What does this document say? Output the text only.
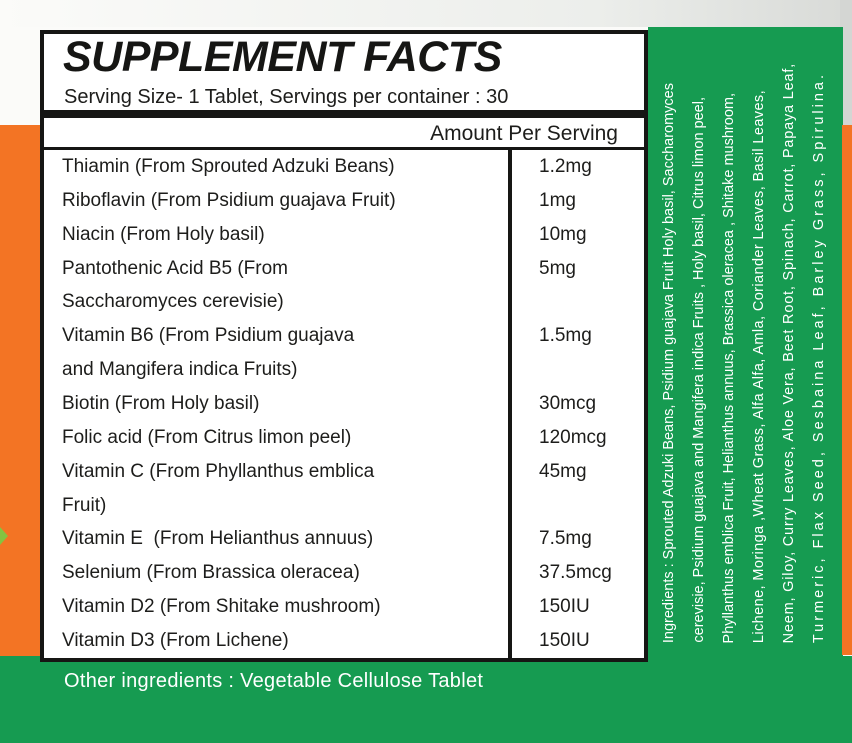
SUPPLEMENT FACTS
Serving Size- 1 Tablet, Servings per container : 30
Amount Per Serving
Thiamin (From Sprouted Adzuki Beans)	1.2mg
Riboflavin (From Psidium guajava Fruit)	1mg
Niacin (From Holy basil)	10mg
Pantothenic Acid B5 (From	5mg
Saccharomyces cerevisie)
Vitamin B6 (From Psidium guajava	1.5mg
and Mangifera indica Fruits)
Biotin (From Holy basil)	30mcg
Folic acid (From Citrus limon peel)	120mcg
Vitamin C (From Phyllanthus emblica	45mg
Fruit)
Vitamin E  (From Helianthus annuus)	7.5mg
Selenium (From Brassica oleracea)	37.5mcg
Vitamin D2 (From Shitake mushroom)	150IU
Vitamin D3 (From Lichene)	150IU	Ingredients : Sprouted Adzuki Beans, Psidium guajava Fruit Holy basil, Saccharomyces cerevisie, Psidium guajava and Mangifera indica Fruits , Holy basil, Citrus limon peel, Phyllanthus emblica Fruit, Helianthus annuus, Brassica oleracea , Shitake mushroom, Lichene, Moringa ,Wheat Grass, Alfa Alfa, Amla, Coriander Leaves, Basil Leaves, Neem, Giloy, Curry Leaves, Aloe Vera, Beet Root, Spinach, Carrot, Papaya Leaf, Turmeric, Flax Seed, Sesbaina Leaf, Barley Grass, Spirulina.
Other ingredients : Vegetable Cellulose Tablet
